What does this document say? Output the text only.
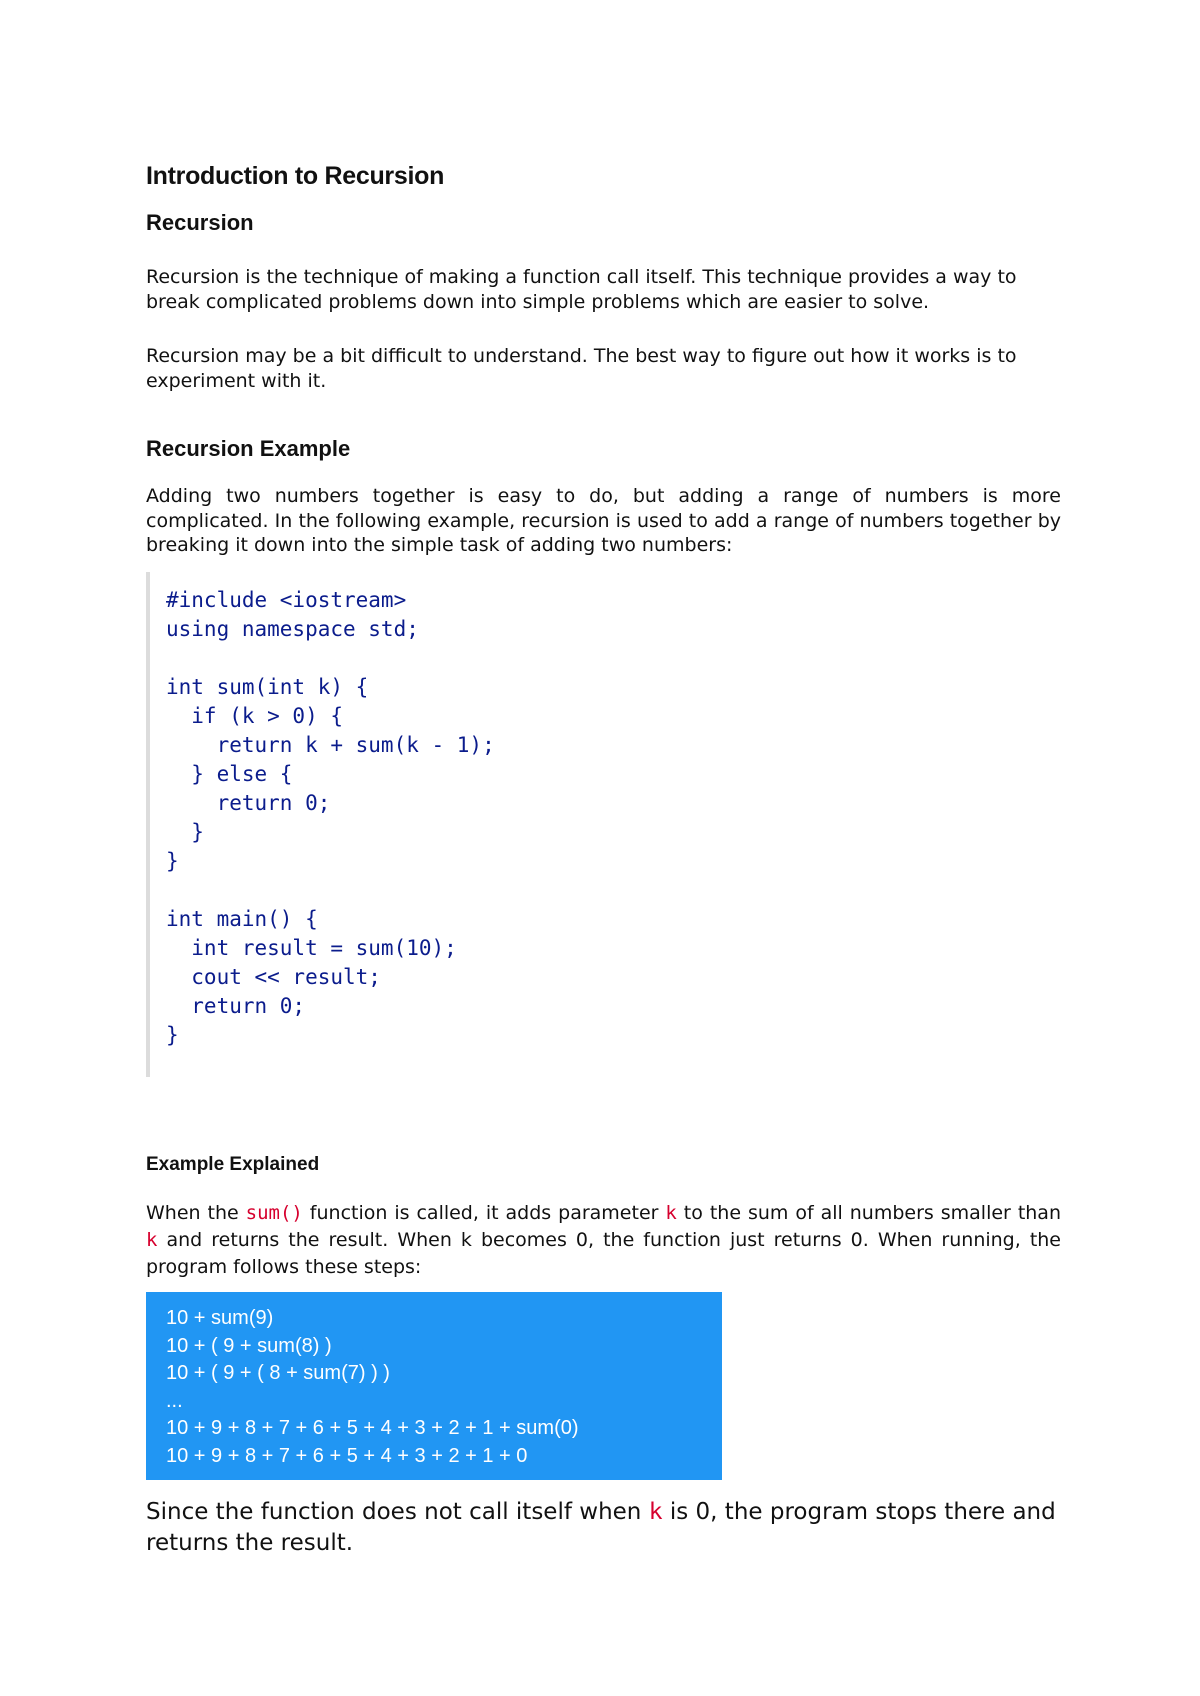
Introduction to Recursion
Recursion

Recursion is the technique of making a function call itself. This technique provides a way to break complicated problems down into simple problems which are easier to solve.

Recursion may be a bit difficult to understand. The best way to figure out how it works is to experiment with it.

Recursion Example

Adding two numbers together is easy to do, but adding a range of numbers is more complicated. In the following example, recursion is used to add a range of numbers together by breaking it down into the simple task of adding two numbers:

#include <iostream>
using namespace std;
int sum(int k) {
if (k > 0) {
return k + sum(k - 1);
} else {
return 0;
}
}
int main() {
int result = sum(10);
cout << result;
return 0;
}
Example Explained

When the sum() function is called, it adds parameter k to the sum of all numbers smaller than k and returns the result. When k becomes 0, the function just returns 0. When running, the program follows these steps:

10 + sum(9)
10 + ( 9 + sum(8) )
10 + ( 9 + ( 8 + sum(7) ) )
...
10 + 9 + 8 + 7 + 6 + 5 + 4 + 3 + 2 + 1 + sum(0)
10 + 9 + 8 + 7 + 6 + 5 + 4 + 3 + 2 + 1 + 0

Since the function does not call itself when k is 0, the program stops there and returns the result.
